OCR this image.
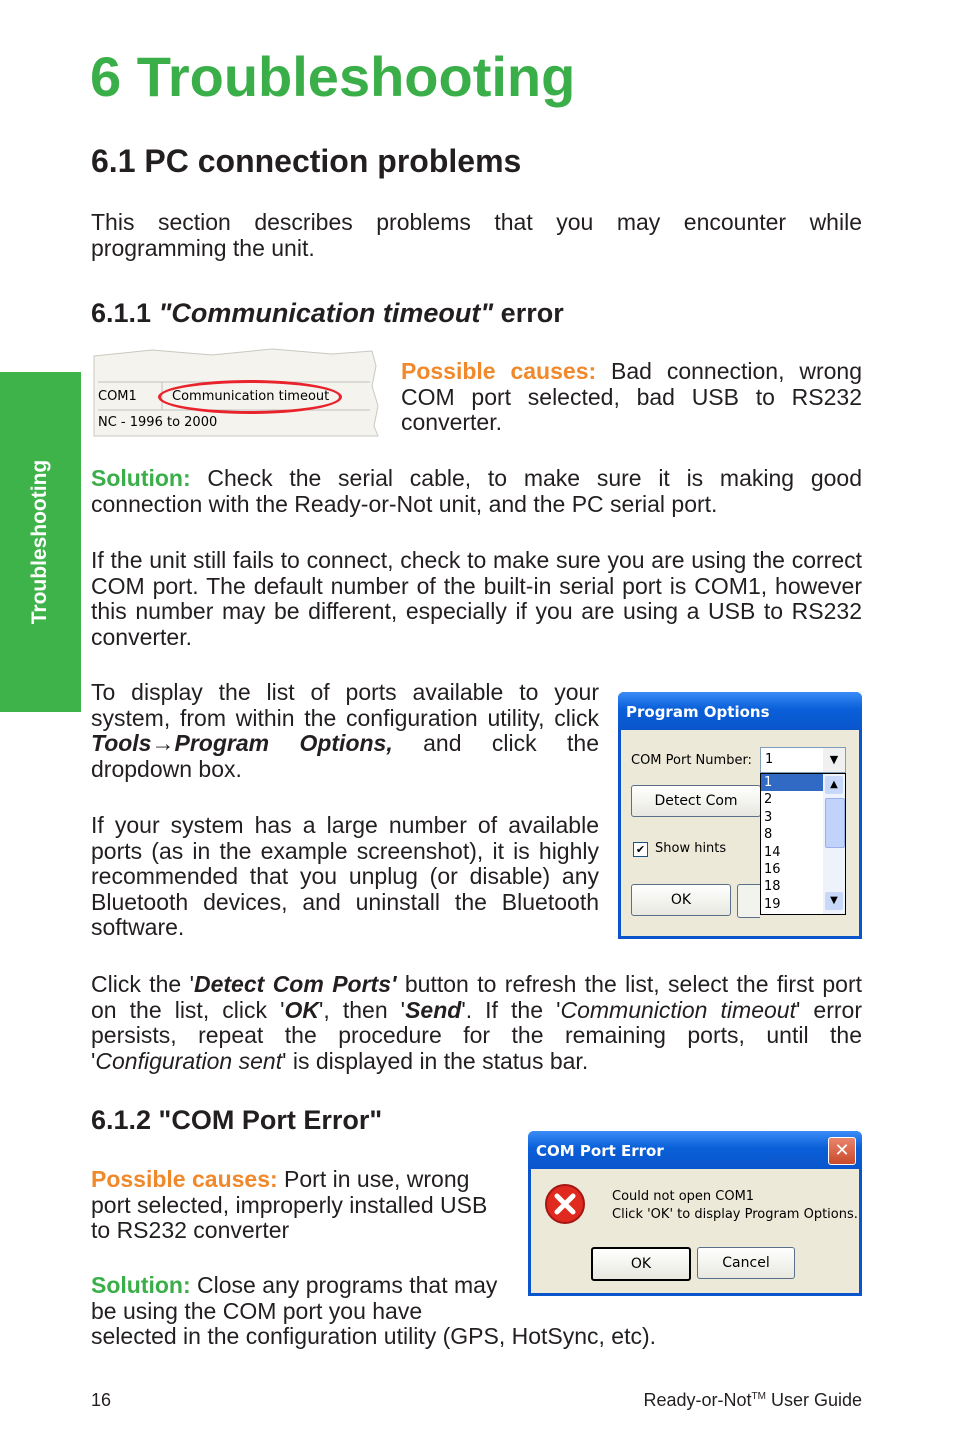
Troubleshooting
6 Troubleshooting
6.1 PC connection problems
This section describes problems that you may encounter while programming the unit.
6.1.1 "Communication timeout" error
COM1	Communication timeout
NC - 1996 to 2000
Possible causes: Bad connection, wrong COM port selected, bad USB to RS232 converter.
Solution: Check the serial cable, to make sure it is making good connection with the Ready-or-Not unit, and the PC serial port.
If the unit still fails to connect, check to make sure you are using the correct COM port. The default number of the built-in serial port is COM1, however this number may be different, especially if you are using a USB to RS232 converter.
To display the list of ports available to your system, from within the configuration utility, click Tools→Program Options, and click the dropdown box.
If your system has a large number of available ports (as in the example screenshot), it is highly recommended that you unplug (or disable) any Bluetooth devices, and uninstall the Bluetooth software.
Program Options
COM Port Number: 1	▼
Detect Com
✔ Show hints
OK
1
2
3
8
14
16
18
19
▲
▼
Click the 'Detect Com Ports' button to refresh the list, select the first port on the list, click 'OK', then 'Send'. If the 'Communiction timeout' error persists, repeat the procedure for the remaining ports, until the 'Configuration sent' is displayed in the status bar.
6.1.2 "COM Port Error"
Possible causes: Port in use, wrong port selected, improperly installed USB to RS232 converter
Solution: Close any programs that may be using the COM port you have
selected in the configuration utility (GPS, HotSync, etc).
COM Port Error	✕
Could not open COM1
Click 'OK' to display Program Options.
OK	Cancel
16	Ready-or-Not™ User Guide
